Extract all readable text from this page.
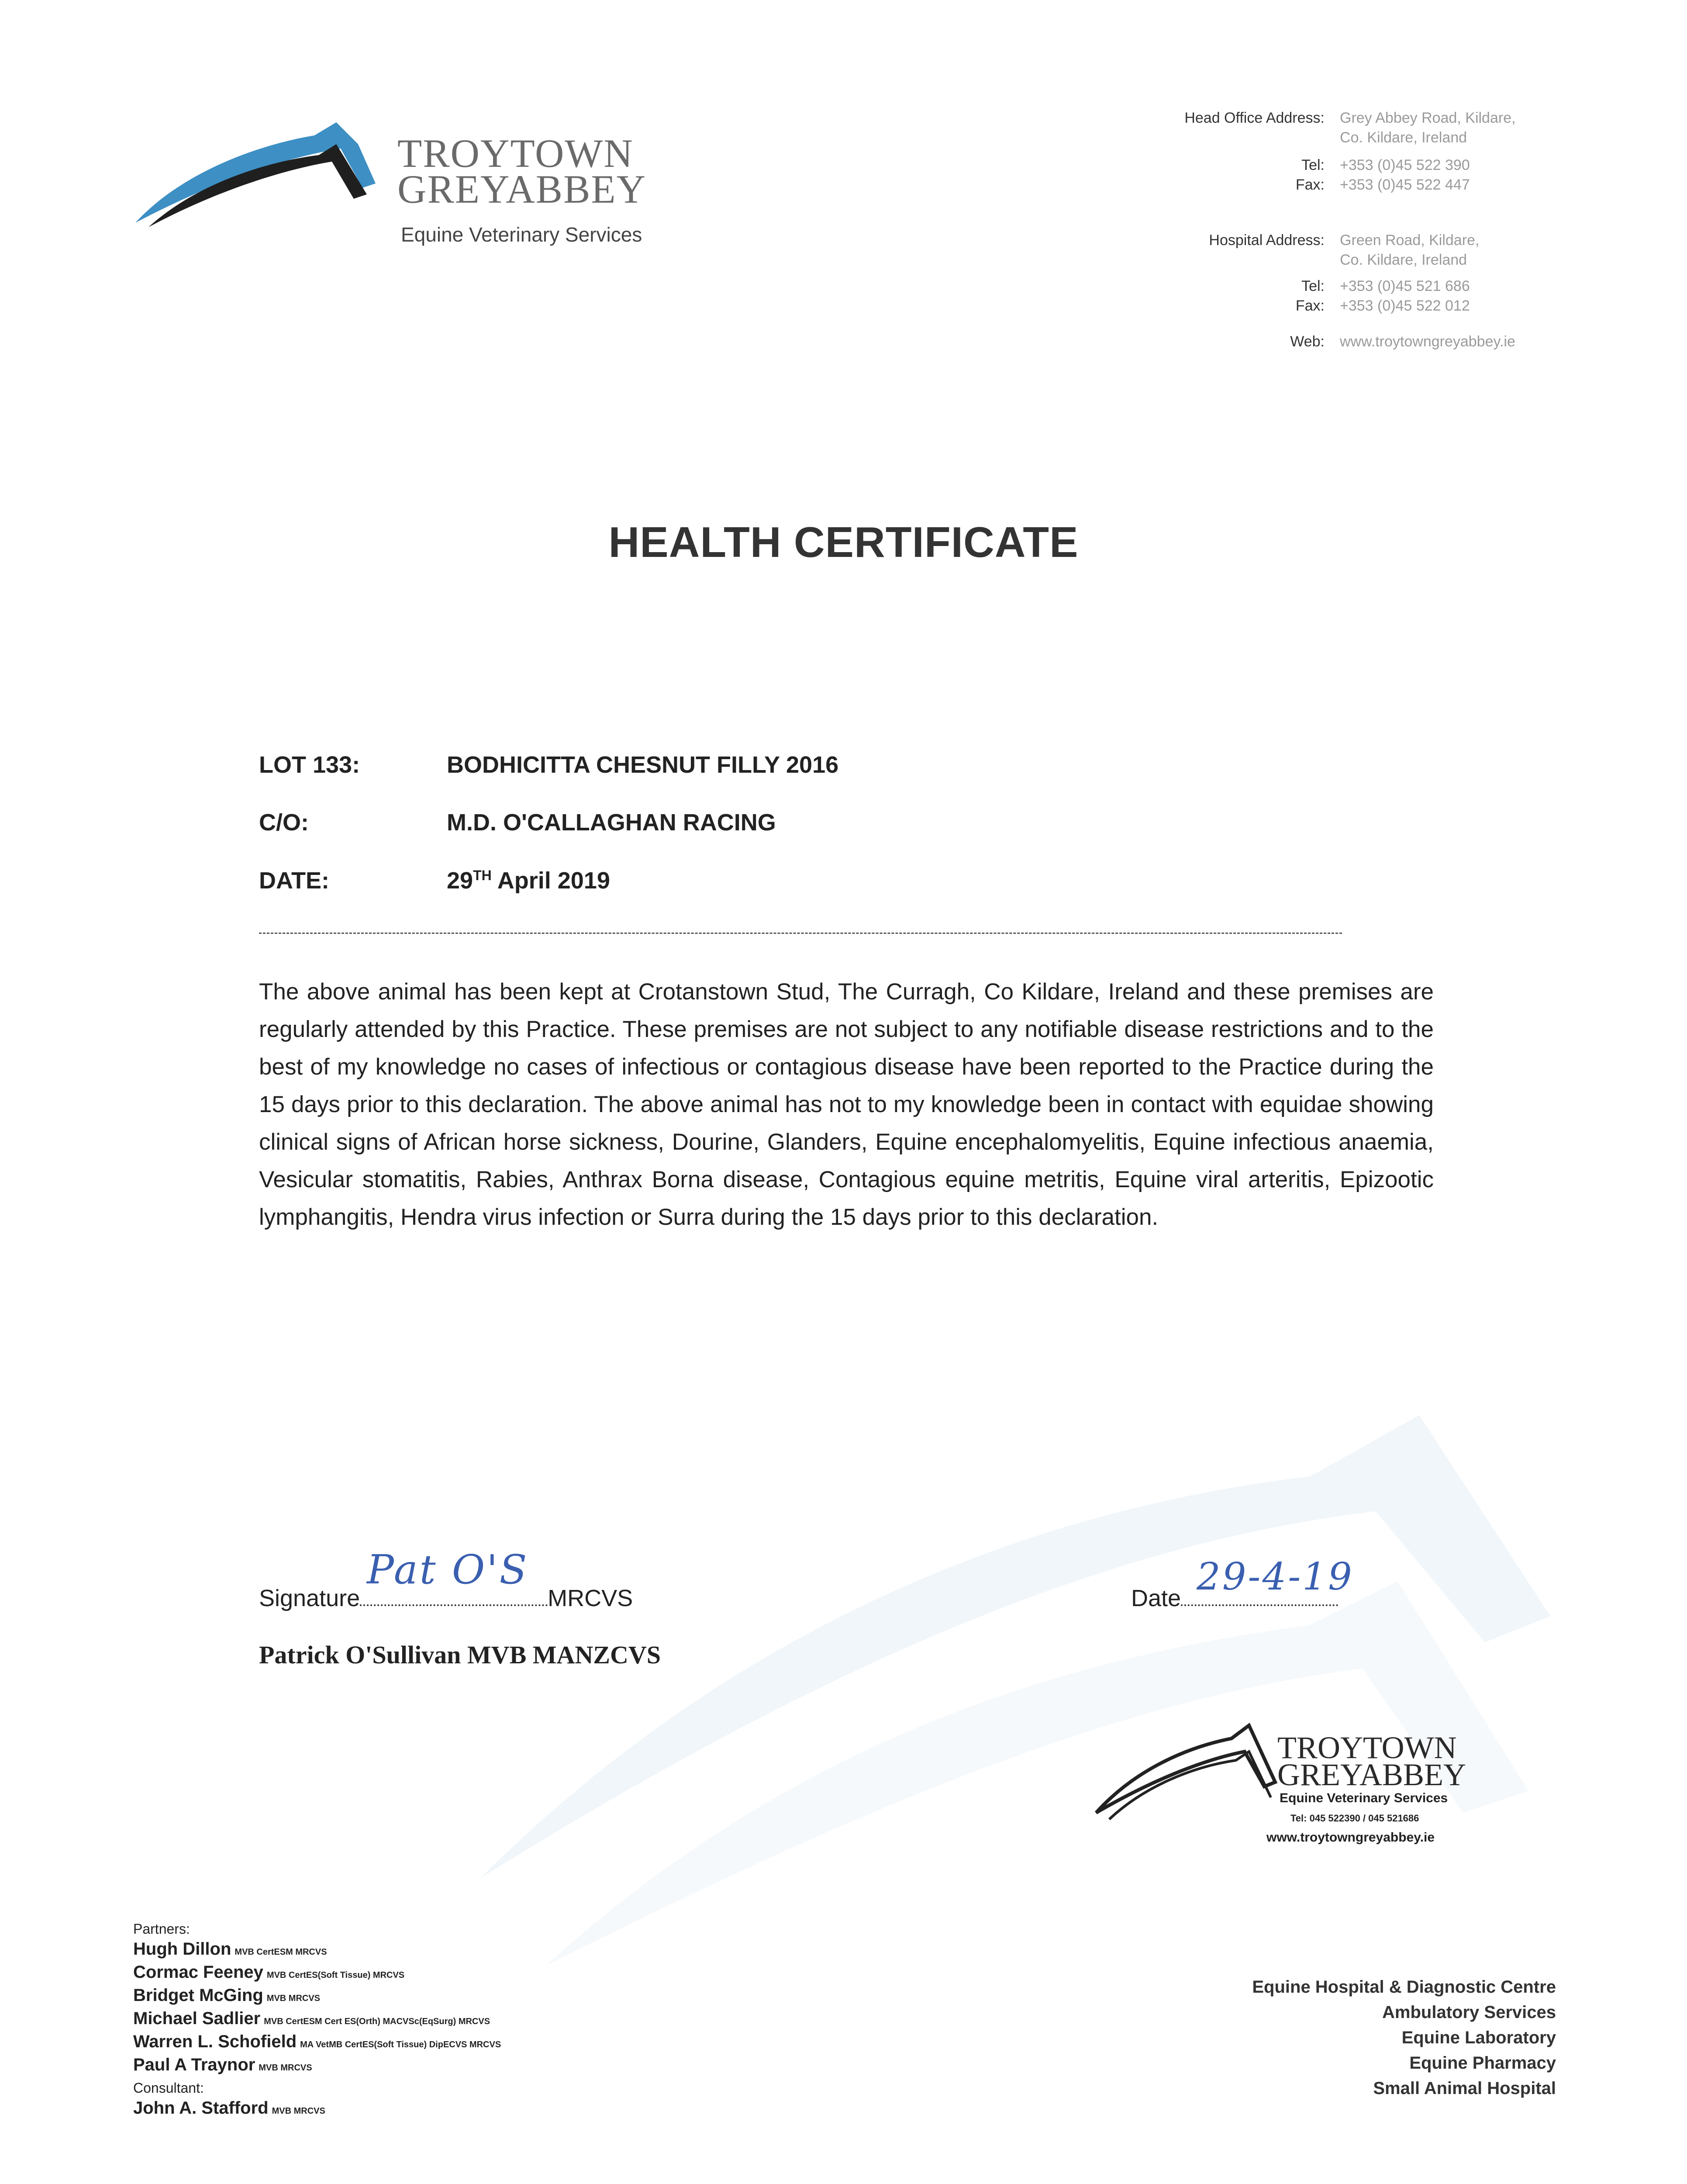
TROYTOWN
GREYABBEY
Equine Veterinary Services
Head Office Address: Grey Abbey Road, Kildare,
Co. Kildare, Ireland
Tel: +353 (0)45 522 390
Fax: +353 (0)45 522 447
Hospital Address: Green Road, Kildare,
Co. Kildare, Ireland
Tel: +353 (0)45 521 686
Fax: +353 (0)45 522 012
Web: www.troytowngreyabbey.ie
HEALTH CERTIFICATE
LOT 133:	BODHICITTA CHESNUT FILLY 2016
C/O:	M.D. O'CALLAGHAN RACING
DATE:	29TH April 2019
The above animal has been kept at Crotanstown Stud, The Curragh, Co Kildare, Ireland and these premises are regularly attended by this Practice. These premises are not subject to any notifiable disease restrictions and to the best of my knowledge no cases of infectious or contagious disease have been reported to the Practice during the 15 days prior to this declaration. The above animal has not to my knowledge been in contact with equidae showing clinical signs of African horse sickness, Dourine, Glanders, Equine encephalomyelitis, Equine infectious anaemia, Vesicular stomatitis, Rabies, Anthrax Borna disease, Contagious equine metritis, Equine viral arteritis, Epizootic lymphangitis, Hendra virus infection or Surra during the 15 days prior to this declaration.
Signature	MRCVS
Pat O'S
Date 29-4-19
Patrick O'Sullivan MVB MANZCVS
TROYTOWN
GREYABBEY
Equine Veterinary Services
Tel: 045 522390 / 045 521686
www.troytowngreyabbey.ie
Partners:
Hugh Dillon MVB CertESM MRCVS
Cormac Feeney MVB CertES(Soft Tissue) MRCVS
Bridget McGing MVB MRCVS
Michael Sadlier MVB CertESM Cert ES(Orth) MACVSc(EqSurg) MRCVS
Warren L. Schofield MA VetMB CertES(Soft Tissue) DipECVS MRCVS
Paul A Traynor MVB MRCVS
Consultant:
John A. Stafford MVB MRCVS
Equine Hospital & Diagnostic Centre
Ambulatory Services
Equine Laboratory
Equine Pharmacy
Small Animal Hospital
